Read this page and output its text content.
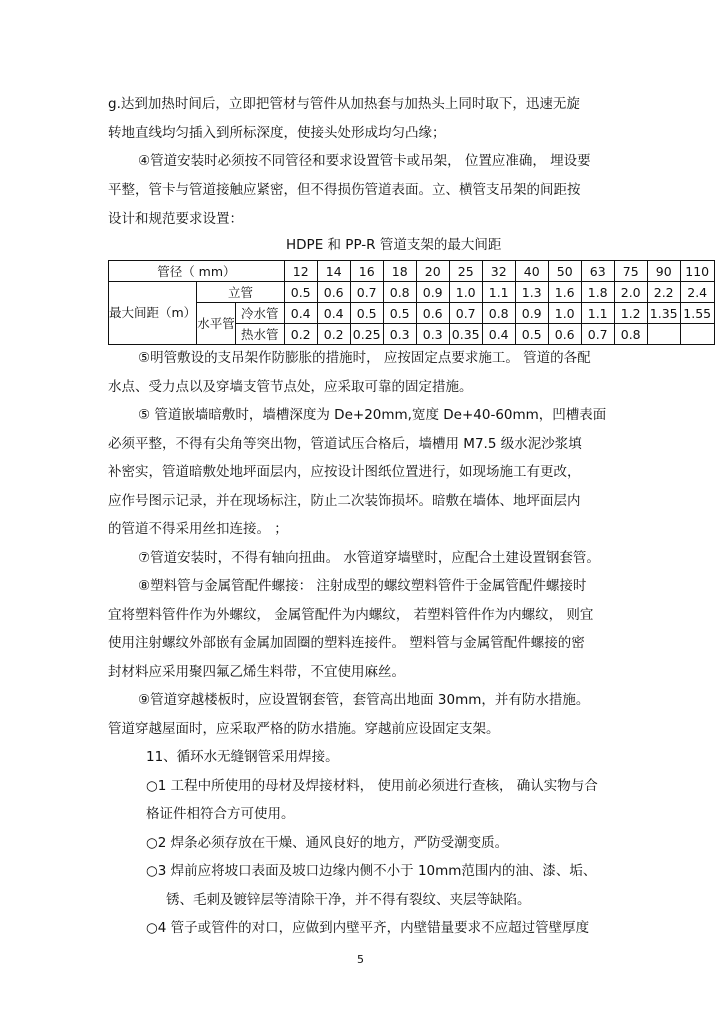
g.达到加热时间后，立即把管材与管件从加热套与加热头上同时取下，迅速无旋
转地直线均匀插入到所标深度，使接头处形成均匀凸缘；
④管道安装时必须按不同管径和要求设置管卡或吊架， 位置应准确， 埋设要
平整，管卡与管道接触应紧密，但不得损伤管道表面。立、横管支吊架的间距按
设计和规范要求设置：
HDPE 和 PP-R 管道支架的最大间距
管径（ mm）			12	14	16	18	20	25	32	40	50	63	75	90	110
最大间距（m）	立管		0.5	0.6	0.7	0.8	0.9	1.0	1.1	1.3	1.6	1.8	2.0	2.2	2.4
	水平管	冷水管	0.4	0.4	0.5	0.5	0.6	0.7	0.8	0.9	1.0	1.1	1.2	1.35	1.55
		热水管	0.2	0.2	0.25	0.3	0.3	0.35	0.4	0.5	0.6	0.7	0.8		
⑤明管敷设的支吊架作防膨胀的措施时， 应按固定点要求施工。 管道的各配
水点、受力点以及穿墙支管节点处，应采取可靠的固定措施。
⑤ 管道嵌墙暗敷时，墙槽深度为 De+20mm,宽度 De+40-60mm，凹槽表面
必须平整，不得有尖角等突出物，管道试压合格后，墙槽用 M7.5 级水泥沙浆填
补密实，管道暗敷处地坪面层内，应按设计图纸位置进行，如现场施工有更改，
应作号图示记录，并在现场标注，防止二次装饰损坏。暗敷在墙体、地坪面层内
的管道不得采用丝扣连接。 ；
⑦管道安装时，不得有轴向扭曲。 水管道穿墙壁时，应配合土建设置钢套管。
⑧塑料管与金属管配件螺接： 注射成型的螺纹塑料管件于金属管配件螺接时
宜将塑料管件作为外螺纹， 金属管配件为内螺纹， 若塑料管件作为内螺纹， 则宜
使用注射螺纹外部嵌有金属加固圈的塑料连接件。 塑料管与金属管配件螺接的密
封材料应采用聚四氟乙烯生料带，不宜使用麻丝。
⑨管道穿越楼板时，应设置钢套管，套管高出地面 30mm，并有防水措施。
管道穿越屋面时，应采取严格的防水措施。穿越前应设固定支架。
11、循环水无缝钢管采用焊接。
○1 工程中所使用的母材及焊接材料， 使用前必须进行查核， 确认实物与合
格证件相符合方可使用。
○2 焊条必须存放在干燥、通风良好的地方，严防受潮变质。
○3 焊前应将坡口表面及坡口边缘内侧不小于 10mm范围内的油、漆、垢、
锈、毛刺及镀锌层等清除干净，并不得有裂纹、夹层等缺陷。
○4 管子或管件的对口，应做到内壁平齐，内壁错量要求不应超过管壁厚度
5
